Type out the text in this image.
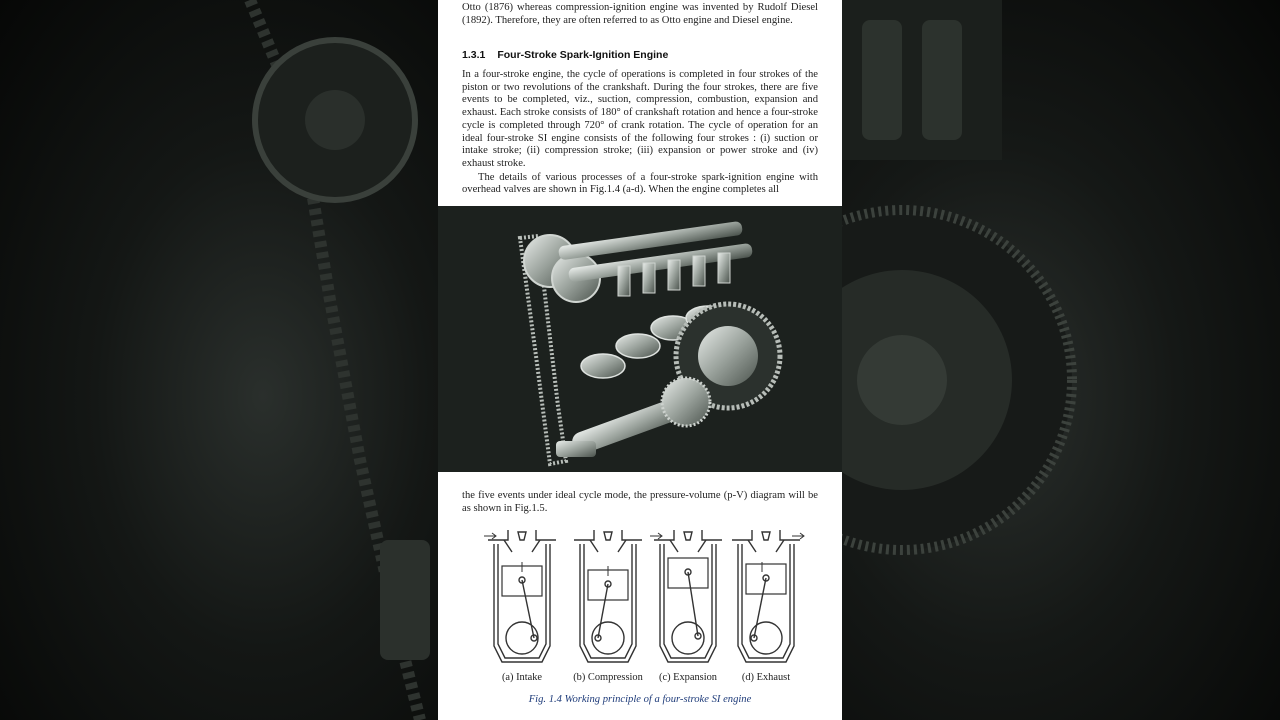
Otto (1876) whereas compression-ignition engine was invented by Rudolf Diesel (1892). Therefore, they are often referred to as Otto engine and Diesel engine.

1.3.1 Four-Stroke Spark-Ignition Engine

In a four-stroke engine, the cycle of operations is completed in four strokes of the piston or two revolutions of the crankshaft. During the four strokes, there are five events to be completed, viz., suction, compression, combustion, expansion and exhaust. Each stroke consists of 180° of crankshaft rotation and hence a four-stroke cycle is completed through 720° of crank rotation. The cycle of operation for an ideal four-stroke SI engine consists of the following four strokes : (i) suction or intake stroke; (ii) compression stroke; (iii) expansion or power stroke and (iv) exhaust stroke.

The details of various processes of a four-stroke spark-ignition engine with overhead valves are shown in Fig.1.4 (a-d). When the engine completes all

the five events under ideal cycle mode, the pressure-volume (p-V) diagram will be as shown in Fig.1.5.

(a) Intake	(b) Compression	(c) Expansion	(d) Exhaust
Fig. 1.4 Working principle of a four-stroke SI engine
